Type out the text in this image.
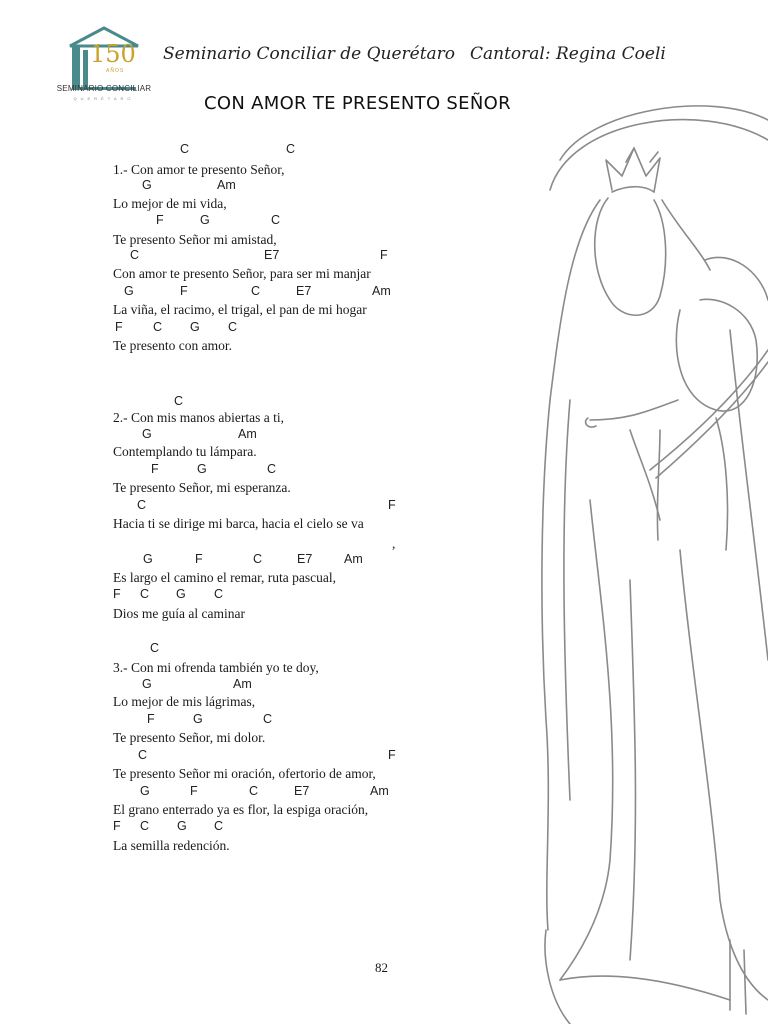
150
AÑOS
SEMINARIO CONCILIAR
QUERÉTARO
Seminario Conciliar de Querétaro Cantoral: Regina Coeli
CON AMOR TE PRESENTO SEÑOR
C	C
1.- Con amor te presento Señor,
G	Am
Lo mejor de mi vida,
F	G	C
Te presento Señor mi amistad,
C	E7	F
Con amor te presento Señor, para ser mi manjar
G	F	C	E7	Am
La viña, el racimo, el trigal, el pan de mi hogar
F C G C
Te presento con amor.
C
2.- Con mis manos abiertas a ti,
G	Am
Contemplando tu lámpara.
F	G	C
Te presento Señor, mi esperanza.
C	F
Hacia ti se dirige mi barca, hacia el cielo se va
,
G	F	C	E7	Am
Es largo el camino el remar, ruta pascual,
F C G C
Dios me guía al caminar
C
3.- Con mi ofrenda también yo te doy,
G	Am
Lo mejor de mis lágrimas,
F	G	C
Te presento Señor, mi dolor.
C	F
Te presento Señor mi oración, ofertorio de amor,
G	F	C	E7	Am
El grano enterrado ya es flor, la espiga oración,
F C G C
La semilla redención.
82
